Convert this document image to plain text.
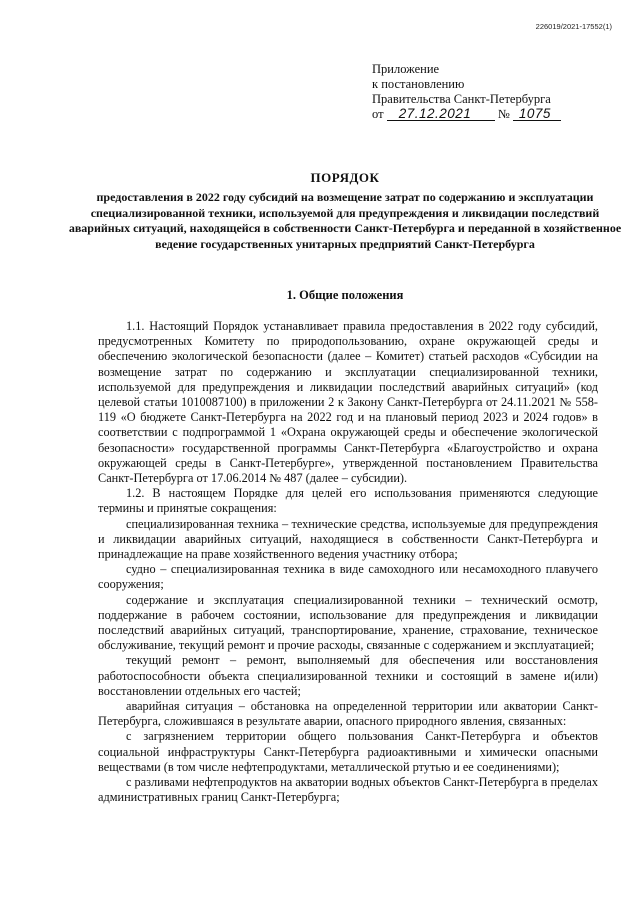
226019/2021-17552(1)
Приложение
к постановлению
Правительства Санкт-Петербурга
от 27.12.2021 № 1075
ПОРЯДОК
предоставления в 2022 году субсидий на возмещение затрат по содержанию и эксплуатации специализированной техники, используемой для предупреждения и ликвидации последствий аварийных ситуаций, находящейся в собственности Санкт-Петербурга и переданной в хозяйственное ведение государственных унитарных предприятий Санкт-Петербурга
1. Общие положения

1.1. Настоящий Порядок устанавливает правила предоставления в 2022 году субсидий, предусмотренных Комитету по природопользованию, охране окружающей среды и обеспечению экологической безопасности (далее – Комитет) статьей расходов «Субсидии на возмещение затрат по содержанию и эксплуатации специализированной техники, используемой для предупреждения и ликвидации последствий аварийных ситуаций» (код целевой статьи 1010087100) в приложении 2 к Закону Санкт-Петербурга от 24.11.2021 № 558-119 «О бюджете Санкт-Петербурга на 2022 год и на плановый период 2023 и 2024 годов» в соответствии с подпрограммой 1 «Охрана окружающей среды и обеспечение экологической безопасности» государственной программы Санкт-Петербурга «Благоустройство и охрана окружающей среды в Санкт-Петербурге», утвержденной постановлением Правительства Санкт-Петербурга от 17.06.2014 № 487 (далее – субсидии).

1.2. В настоящем Порядке для целей его использования применяются следующие термины и принятые сокращения:

специализированная техника – технические средства, используемые для предупреждения и ликвидации аварийных ситуаций, находящиеся в собственности Санкт-Петербурга и принадлежащие на праве хозяйственного ведения участнику отбора;

судно – специализированная техника в виде самоходного или несамоходного плавучего сооружения;

содержание и эксплуатация специализированной техники – технический осмотр, поддержание в рабочем состоянии, использование для предупреждения и ликвидации последствий аварийных ситуаций, транспортирование, хранение, страхование, техническое обслуживание, текущий ремонт и прочие расходы, связанные с содержанием и эксплуатацией;

текущий ремонт – ремонт, выполняемый для обеспечения или восстановления работоспособности объекта специализированной техники и состоящий в замене и(или) восстановлении отдельных его частей;

аварийная ситуация – обстановка на определенной территории или акватории Санкт-Петербурга, сложившаяся в результате аварии, опасного природного явления, связанных:

с загрязнением территории общего пользования Санкт-Петербурга и объектов социальной инфраструктуры Санкт-Петербурга радиоактивными и химически опасными веществами (в том числе нефтепродуктами, металлической ртутью и ее соединениями);

с разливами нефтепродуктов на акватории водных объектов Санкт-Петербурга в пределах административных границ Санкт-Петербурга;
